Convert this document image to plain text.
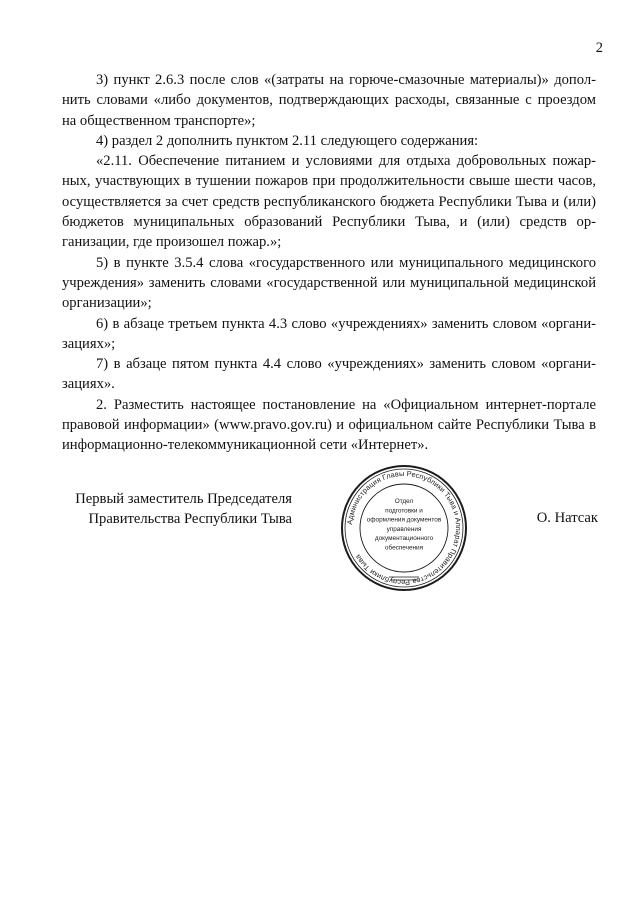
2

3) пункт 2.6.3 после слов «(затраты на горюче-смазочные материалы)» дополнить словами «либо документов, подтверждающих расходы, связанные с проездом на общественном транспорте»;

4) раздел 2 дополнить пунктом 2.11 следующего содержания:

«2.11. Обеспечение питанием и условиями для отдыха добровольных пожарных, участвующих в тушении пожаров при продолжительности свыше шести часов, осуществляется за счет средств республиканского бюджета Республики Тыва и (или) бюджетов муниципальных образований Республики Тыва, и (или) средств организации, где произошел пожар.»;

5) в пункте 3.5.4 слова «государственного или муниципального медицинского учреждения» заменить словами «государственной или муниципальной медицинской организации»;

6) в абзаце третьем пункта 4.3 слово «учреждениях» заменить словом «организациях»;

7) в абзаце пятом пункта 4.4 слово «учреждениях» заменить словом «организациях».

2. Разместить настоящее постановление на «Официальном интернет-портале правовой информации» (www.pravo.gov.ru) и официальном сайте Республики Тыва в информационно-телекоммуникационной сети «Интернет».

Первый заместитель Председателя
Правительства Республики Тыва	О. Натсак
Администрация Главы Республики Тыва и Аппарат Правительства Республики Тыва
Отдел подготовки и оформления документов управления документационного обеспечения
